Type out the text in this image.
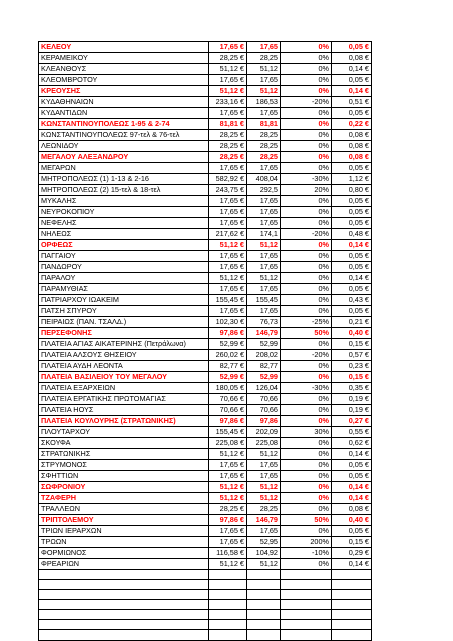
ΚΕΛΕΟΥ	17,65 €	17,65	0%	0,05 €
ΚΕΡΑΜΕΙΚΟΥ	28,25 €	28,25	0%	0,08 €
ΚΛΕΑΝΘΟΥΣ	51,12 €	51,12	0%	0,14 €
ΚΛΕΟΜΒΡΟΤΟΥ	17,65 €	17,65	0%	0,05 €
ΚΡΕΟΥΣΗΣ	51,12 €	51,12	0%	0,14 €
ΚΥΔΑΘΗΝΑΙΩΝ	233,16 €	186,53	-20%	0,51 €
ΚΥΔΑΝΤΙΔΩΝ	17,65 €	17,65	0%	0,05 €
ΚΩΝΣΤΑΝΤΙΝΟΥΠΟΛΕΩΣ 1-95 & 2-74	81,81 €	81,81	0%	0,22 €
ΚΩΝΣΤΑΝΤΙΝΟΥΠΟΛΕΩΣ 97-τελ & 76-τελ	28,25 €	28,25	0%	0,08 €
ΛΕΩΝΙΔΟΥ	28,25 €	28,25	0%	0,08 €
ΜΕΓΑΛΟΥ ΑΛΕΞΑΝΔΡΟΥ	28,25 €	28,25	0%	0,08 €
ΜΕΓΑΡΩΝ	17,65 €	17,65	0%	0,05 €
ΜΗΤΡΟΠΟΛΕΩΣ (1) 1-13 & 2-16	582,92 €	408,04	-30%	1,12 €
ΜΗΤΡΟΠΟΛΕΩΣ (2) 15-τελ & 18-τελ	243,75 €	292,5	20%	0,80 €
ΜΥΚΑΛΗΣ	17,65 €	17,65	0%	0,05 €
ΝΕΥΡΟΚΟΠΙΟΥ	17,65 €	17,65	0%	0,05 €
ΝΕΦΕΛΗΣ	17,65 €	17,65	0%	0,05 €
ΝΗΛΕΩΣ	217,62 €	174,1	-20%	0,48 €
ΟΡΦΕΩΣ	51,12 €	51,12	0%	0,14 €
ΠΑΓΓΑΙΟΥ	17,65 €	17,65	0%	0,05 €
ΠΑΝΔΩΡΟΥ	17,65 €	17,65	0%	0,05 €
ΠΑΡΑΛΟΥ	51,12 €	51,12	0%	0,14 €
ΠΑΡΑΜΥΘΙΑΣ	17,65 €	17,65	0%	0,05 €
ΠΑΤΡΙΑΡΧΟΥ ΙΩΑΚΕΙΜ	155,45 €	155,45	0%	0,43 €
ΠΑΤΣΗ ΣΠΥΡΟΥ	17,65 €	17,65	0%	0,05 €
ΠΕΙΡΑΙΩΣ (ΠΑΝ. ΤΣΑΛΔ.)	102,30 €	76,73	-25%	0,21 €
ΠΕΡΣΕΦΟΝΗΣ	97,86 €	146,79	50%	0,40 €
ΠΛΑΤΕΙΑ ΑΓΙΑΣ ΑΙΚΑΤΕΡΙΝΗΣ (Πετράλωνα)	52,99 €	52,99	0%	0,15 €
ΠΛΑΤΕΙΑ ΑΛΣΟΥΣ ΘΗΣΕΙΟΥ	260,02 €	208,02	-20%	0,57 €
ΠΛΑΤΕΙΑ ΑΥΔΗ ΛΕΟΝΤΑ	82,77 €	82,77	0%	0,23 €
ΠΛΑΤΕΙΑ ΒΑΣΙΛΕΙΟΥ ΤΟΥ ΜΕΓΑΛΟΥ	52,99 €	52,99	0%	0,15 €
ΠΛΑΤΕΙΑ ΕΞΑΡΧΕΙΩΝ	180,05 €	126,04	-30%	0,35 €
ΠΛΑΤΕΙΑ ΕΡΓΑΤΙΚΗΣ ΠΡΩΤΟΜΑΓΙΑΣ	70,66 €	70,66	0%	0,19 €
ΠΛΑΤΕΙΑ ΗΟΥΣ	70,66 €	70,66	0%	0,19 €
ΠΛΑΤΕΙΑ ΚΟΥΛΟΥΡΗΣ (ΣΤΡΑΤΩΝΙΚΗΣ)	97,86 €	97,86	0%	0,27 €
ΠΛΟΥΤΑΡΧΟΥ	155,45 €	202,09	30%	0,55 €
ΣΚΟΥΦΑ	225,08 €	225,08	0%	0,62 €
ΣΤΡΑΤΩΝΙΚΗΣ	51,12 €	51,12	0%	0,14 €
ΣΤΡΥΜΟΝΟΣ	17,65 €	17,65	0%	0,05 €
ΣΦΗΤΤΙΩΝ	17,65 €	17,65	0%	0,05 €
ΣΩΦΡΟΝΙΟΥ	51,12 €	51,12	0%	0,14 €
ΤΖΑΦΕΡΗ	51,12 €	51,12	0%	0,14 €
ΤΡΑΛΛΕΩΝ	28,25 €	28,25	0%	0,08 €
ΤΡΙΠΤΟΛΕΜΟΥ	97,86 €	146,79	50%	0,40 €
ΤΡΙΩΝ ΙΕΡΑΡΧΩΝ	17,65 €	17,65	0%	0,05 €
ΤΡΩΩΝ	17,65 €	52,95	200%	0,15 €
ΦΟΡΜΙΩΝΟΣ	116,58 €	104,92	-10%	0,29 €
ΦΡΕΑΡΙΩΝ	51,12 €	51,12	0%	0,14 €
